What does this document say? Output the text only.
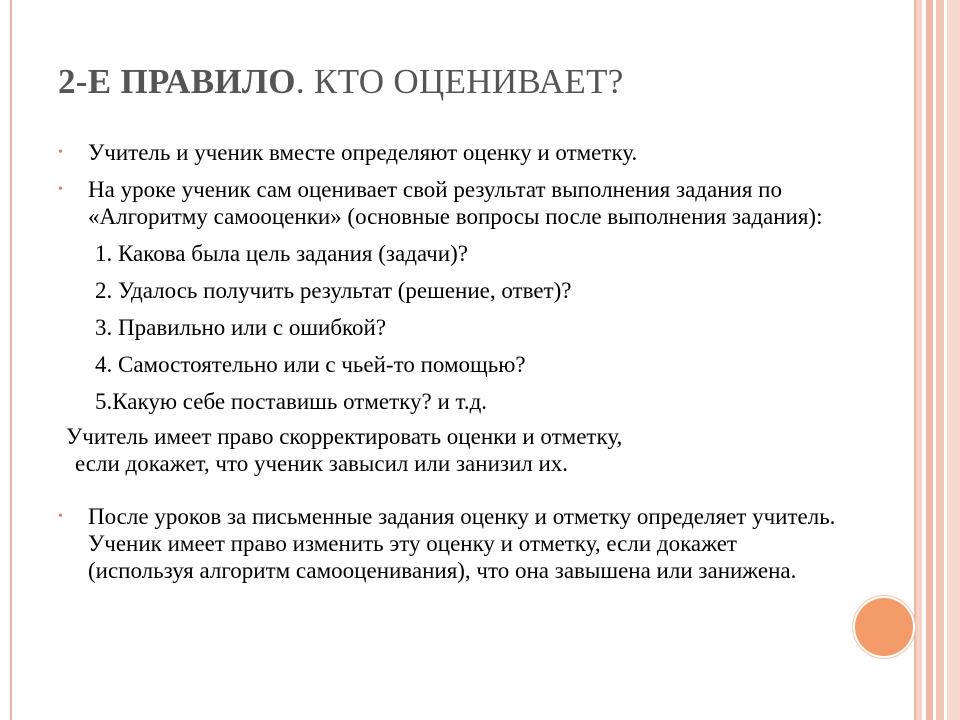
2-Е ПРАВИЛО. КТО ОЦЕНИВАЕТ?
•	Учитель и ученик вместе определяют оценку и отметку.
•	На уроке ученик сам оценивает свой результат выполнения задания по «Алгоритму самооценки» (основные вопросы после выполнения задания):
1. Какова была цель задания (задачи)?
2. Удалось получить результат (решение, ответ)?
3. Правильно или с ошибкой?
4. Самостоятельно или с чьей-то помощью?
5.Какую себе поставишь отметку? и т.д.
Учитель имеет право скорректировать оценки и отметку,
если докажет, что ученик завысил или занизил их.
•	После уроков за письменные задания оценку и отметку определяет учитель. Ученик имеет право изменить эту оценку и отметку, если докажет (используя алгоритм самооценивания), что она завышена или занижена.
